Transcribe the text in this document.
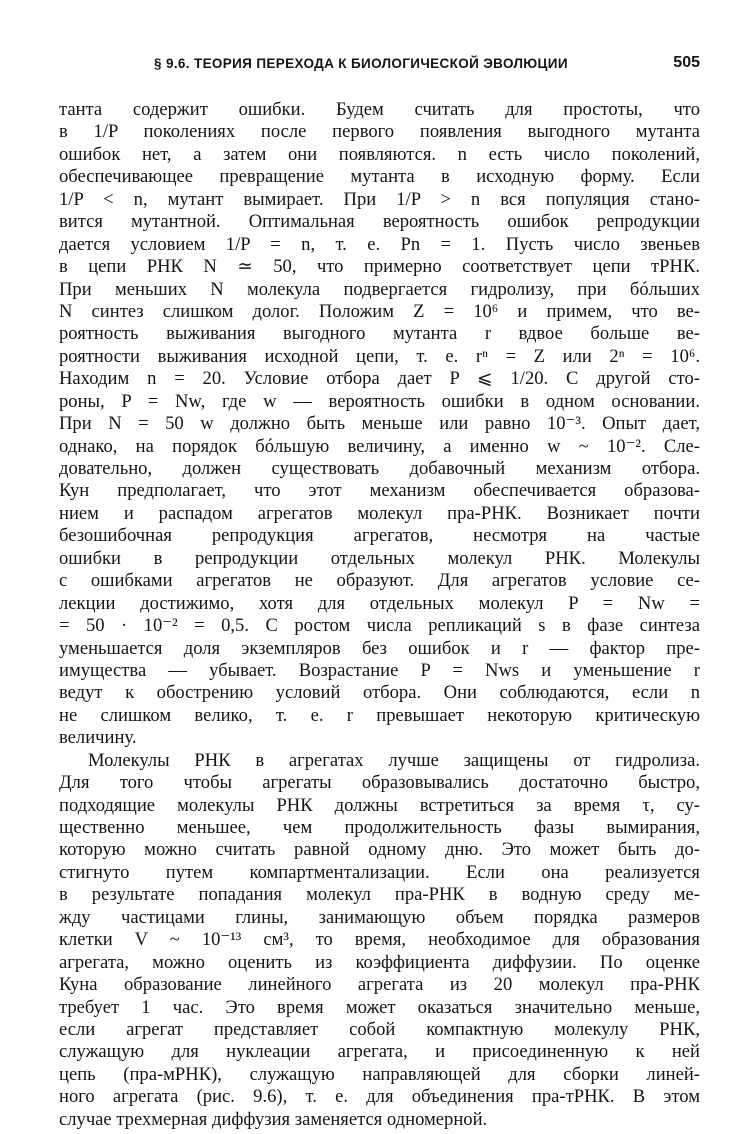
§ 9.6. ТЕОРИЯ ПЕРЕХОДА К БИОЛОГИЧЕСКОЙ ЭВОЛЮЦИИ	505
танта содержит ошибки. Будем считать для простоты, что
в 1/P поколениях после первого появления выгодного мутанта
ошибок нет, а затем они появляются. n есть число поколений,
обеспечивающее превращение мутанта в исходную форму. Если
1/P < n, мутант вымирает. При 1/P > n вся популяция стано-
вится мутантной. Оптимальная вероятность ошибок репродукции
дается условием 1/P = n, т. е. Pn = 1. Пусть число звеньев
в цепи РНК N ≃ 50, что примерно соответствует цепи тРНК.
При меньших N молекула подвергается гидролизу, при бóльших
N синтез слишком долог. Положим Z = 10⁶ и примем, что ве-
роятность выживания выгодного мутанта r вдвое больше ве-
роятности выживания исходной цепи, т. е. rⁿ = Z или 2ⁿ = 10⁶.
Находим n = 20. Условие отбора дает P ⩽ 1/20. С другой сто-
роны, P = Nw, где w — вероятность ошибки в одном основании.
При N = 50 w должно быть меньше или равно 10⁻³. Опыт дает,
однако, на порядок бóльшую величину, а именно w ~ 10⁻². Сле-
довательно, должен существовать добавочный механизм отбора.
Кун предполагает, что этот механизм обеспечивается образова-
нием и распадом агрегатов молекул пра-РНК. Возникает почти
безошибочная репродукция агрегатов, несмотря на частые
ошибки в репродукции отдельных молекул РНК. Молекулы
с ошибками агрегатов не образуют. Для агрегатов условие се-
лекции достижимо, хотя для отдельных молекул P = Nw =
= 50 · 10⁻² = 0,5. С ростом числа репликаций s в фазе синтеза
уменьшается доля экземпляров без ошибок и r — фактор пре-
имущества — убывает. Возрастание P = Nws и уменьшение r
ведут к обострению условий отбора. Они соблюдаются, если n
не слишком велико, т. е. r превышает некоторую критическую
величину.
Молекулы РНК в агрегатах лучше защищены от гидролиза.
Для того чтобы агрегаты образовывались достаточно быстро,
подходящие молекулы РНК должны встретиться за время τ, су-
щественно меньшее, чем продолжительность фазы вымирания,
которую можно считать равной одному дню. Это может быть до-
стигнуто путем компартментализации. Если она реализуется
в результате попадания молекул пра-РНК в водную среду ме-
жду частицами глины, занимающую объем порядка размеров
клетки V ~ 10⁻¹³ см³, то время, необходимое для образования
агрегата, можно оценить из коэффициента диффузии. По оценке
Куна образование линейного агрегата из 20 молекул пра-РНК
требует 1 час. Это время может оказаться значительно меньше,
если агрегат представляет собой компактную молекулу РНК,
служащую для нуклеации агрегата, и присоединенную к ней
цепь (пра-мРНК), служащую направляющей для сборки линей-
ного агрегата (рис. 9.6), т. е. для объединения пра-тРНК. В этом
случае трехмерная диффузия заменяется одномерной.
